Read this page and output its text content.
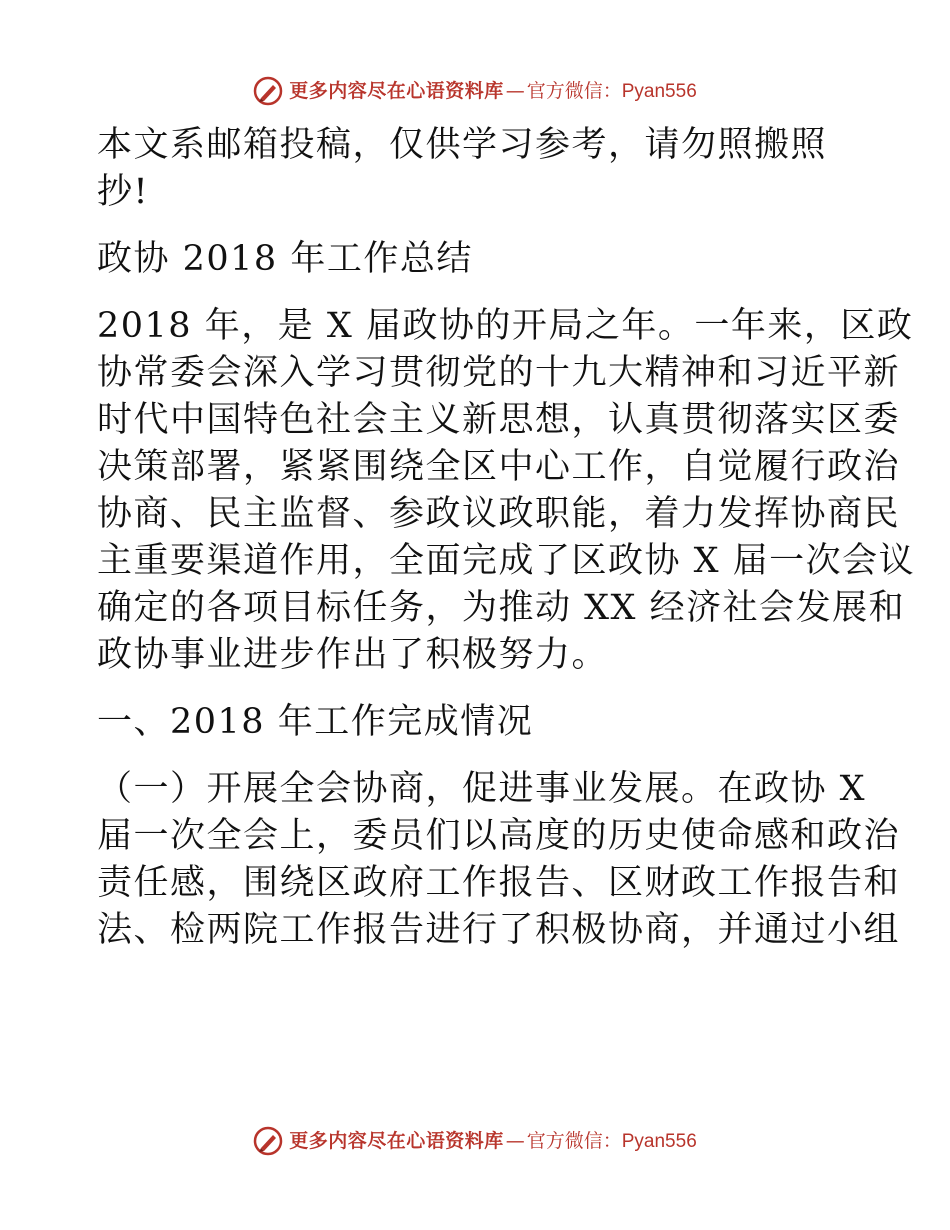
更多内容尽在心语资料库 — 官方微信： Pyan556

本文系邮箱投稿，仅供学习参考，请勿照搬照

抄!

政协 2018 年工作总结

2018 年，是 X 届政协的开局之年。一年来，区政

协常委会深入学习贯彻党的十九大精神和习近平新

时代中国特色社会主义新思想，认真贯彻落实区委

决策部署，紧紧围绕全区中心工作，自觉履行政治

协商、民主监督、参政议政职能，着力发挥协商民

主重要渠道作用，全面完成了区政协 X 届一次会议

确定的各项目标任务，为推动 XX 经济社会发展和

政协事业进步作出了积极努力。

一、2018 年工作完成情况

（一）开展全会协商，促进事业发展。在政协 X

届一次全会上，委员们以高度的历史使命感和政治

责任感，围绕区政府工作报告、区财政工作报告和

法、检两院工作报告进行了积极协商，并通过小组

更多内容尽在心语资料库 — 官方微信： Pyan556
